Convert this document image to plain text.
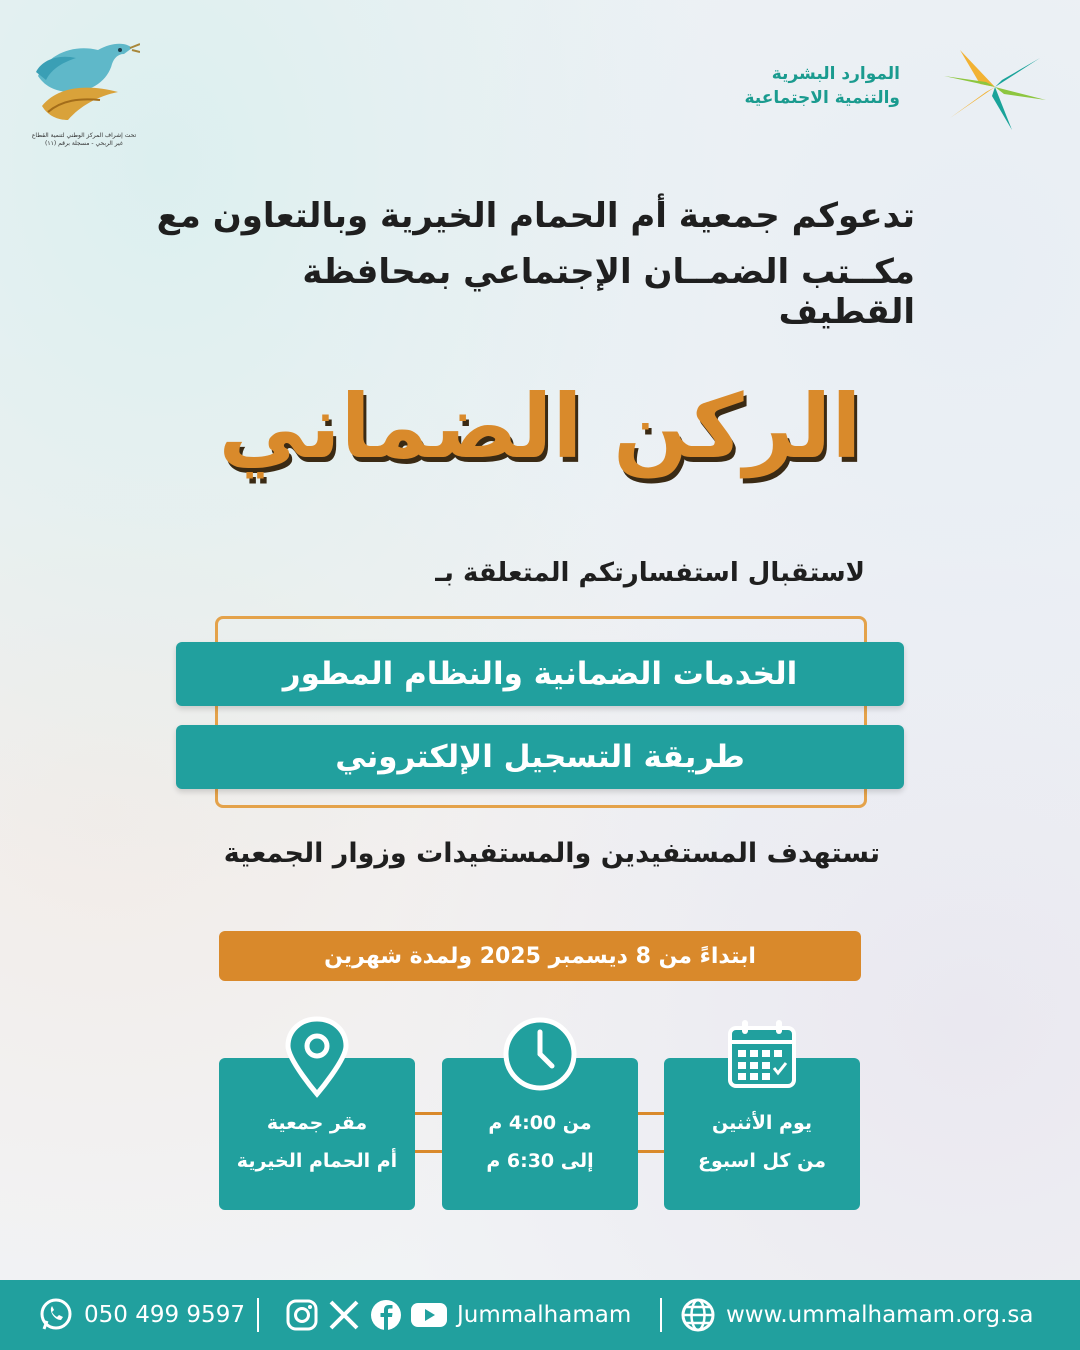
تحت إشراف المركز الوطني لتنمية القطاع
غير الربحي - مسجلة برقم (١١)
الموارد البشرية
والتنمية الاجتماعية
تدعوكم جمعية أم الحمام الخيرية وبالتعاون مع
مكــتب الضمــان الإجتماعي بمحافظة القطيف
الركن الضماني
لاستقبال استفسارتكم المتعلقة بـ
الخدمات الضمانية والنظام المطور
طريقة التسجيل الإلكتروني
تستهدف المستفيدين والمستفيدات وزوار الجمعية
ابتداءً من 8 ديسمبر 2025 ولمدة شهرين
يوم الأثنين
من كل اسبوع
من 4:00 م
إلى 6:30 م
مقر جمعية
أم الحمام الخيرية
050 499 9597	Jummalhamam	www.ummalhamam.org.sa
